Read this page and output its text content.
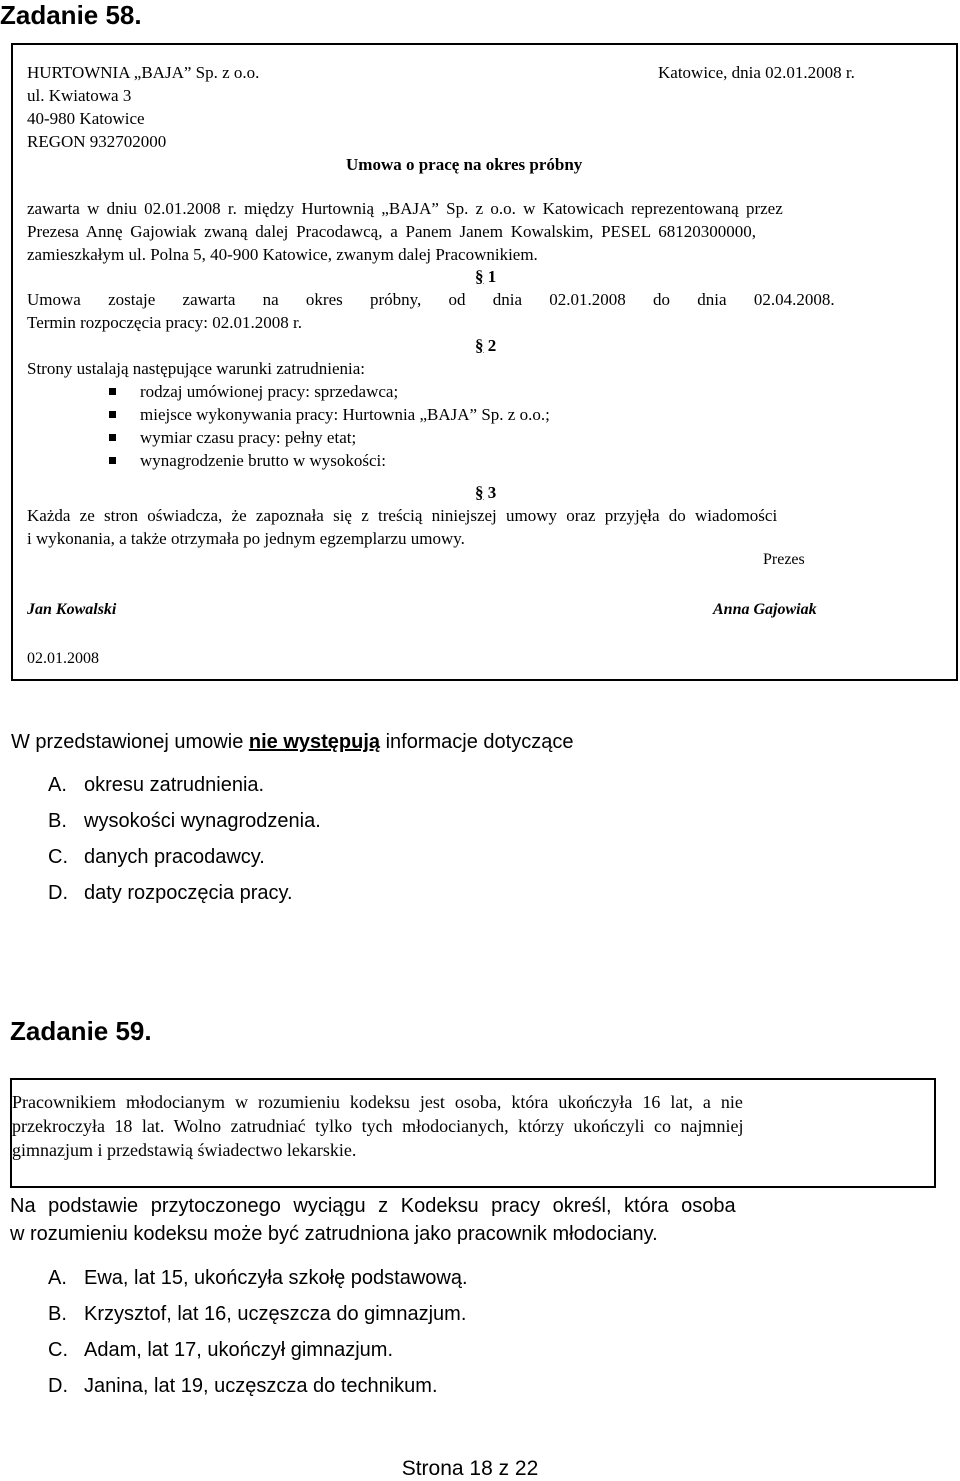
Zadanie 58.
HURTOWNIA „BAJA” Sp. z o.o.	Katowice, dnia 02.01.2008 r.
ul. Kwiatowa 3
40-980 Katowice
REGON 932702000
Umowa o pracę na okres próbny
zawarta w dniu 02.01.2008 r. między Hurtownią „BAJA” Sp. z o.o. w Katowicach reprezentowaną przez
Prezesa Annę Gajowiak zwaną dalej Pracodawcą, a Panem Janem Kowalskim, PESEL 68120300000,
zamieszkałym ul. Polna 5, 40-900 Katowice, zwanym dalej Pracownikiem.
§ 1
Umowa zostaje zawarta na okres próbny, od dnia 02.01.2008 do dnia 02.04.2008.
Termin rozpoczęcia pracy: 02.01.2008 r.
§ 2
Strony ustalają następujące warunki zatrudnienia:
rodzaj umówionej pracy: sprzedawca;
miejsce wykonywania pracy: Hurtownia „BAJA” Sp. z o.o.;
wymiar czasu pracy: pełny etat;
wynagrodzenie brutto w wysokości:
§ 3
Każda ze stron oświadcza, że zapoznała się z treścią niniejszej umowy oraz przyjęła do wiadomości
i wykonania, a także otrzymała po jednym egzemplarzu umowy.
Prezes
Jan Kowalski	Anna Gajowiak
02.01.2008
W przedstawionej umowie nie występują informacje dotyczące
A. okresu zatrudnienia.
B. wysokości wynagrodzenia.
C. danych pracodawcy.
D. daty rozpoczęcia pracy.
Zadanie 59.
Pracownikiem młodocianym w rozumieniu kodeksu jest osoba, która ukończyła 16 lat, a nie
przekroczyła 18 lat. Wolno zatrudniać tylko tych młodocianych, którzy ukończyli co najmniej
gimnazjum i przedstawią świadectwo lekarskie.
Na podstawie przytoczonego wyciągu z Kodeksu pracy określ, która osoba
w rozumieniu kodeksu może być zatrudniona jako pracownik młodociany.
A. Ewa, lat 15, ukończyła szkołę podstawową.
B. Krzysztof, lat 16, uczęszcza do gimnazjum.
C. Adam, lat 17, ukończył gimnazjum.
D. Janina, lat 19, uczęszcza do technikum.
Strona 18 z 22
